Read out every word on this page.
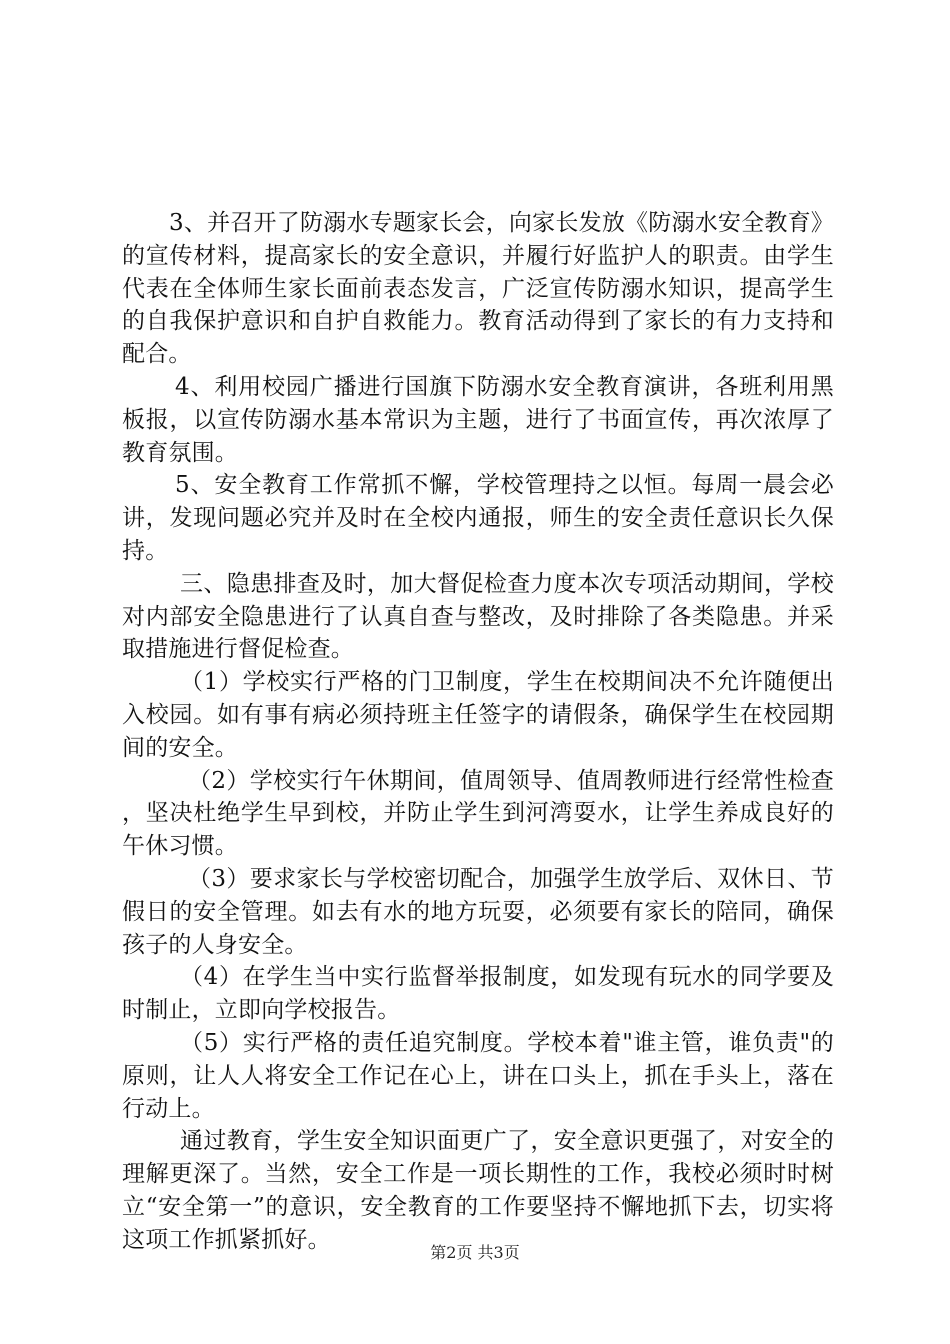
3、并召开了防溺水专题家长会，向家长发放《防溺水安全教育》的宣传材料，提高家长的安全意识，并履行好监护人的职责。由学生代表在全体师生家长面前表态发言，广泛宣传防溺水知识，提高学生的自我保护意识和自护自救能力。教育活动得到了家长的有力支持和配合。

4、利用校园广播进行国旗下防溺水安全教育演讲，各班利用黑板报，以宣传防溺水基本常识为主题，进行了书面宣传，再次浓厚了教育氛围。

5、安全教育工作常抓不懈，学校管理持之以恒。每周一晨会必讲，发现问题必究并及时在全校内通报，师生的安全责任意识长久保持。

三、隐患排查及时，加大督促检查力度本次专项活动期间，学校对内部安全隐患进行了认真自查与整改，及时排除了各类隐患。并采取措施进行督促检查。

（1）学校实行严格的门卫制度，学生在校期间决不允许随便出入校园。如有事有病必须持班主任签字的请假条，确保学生在校园期间的安全。

（2）学校实行午休期间，值周领导、值周教师进行经常性检查，坚决杜绝学生早到校，并防止学生到河湾耍水，让学生养成良好的午休习惯。

（3）要求家长与学校密切配合，加强学生放学后、双休日、节假日的安全管理。如去有水的地方玩耍，必须要有家长的陪同，确保孩子的人身安全。

（4）在学生当中实行监督举报制度，如发现有玩水的同学要及时制止，立即向学校报告。

（5）实行严格的责任追究制度。学校本着"谁主管，谁负责"的原则，让人人将安全工作记在心上，讲在口头上，抓在手头上，落在行动上。

通过教育，学生安全知识面更广了，安全意识更强了，对安全的理解更深了。当然，安全工作是一项长期性的工作，我校必须时时树立“安全第一”的意识，安全教育的工作要坚持不懈地抓下去，切实将这项工作抓紧抓好。	第2页 共3页
